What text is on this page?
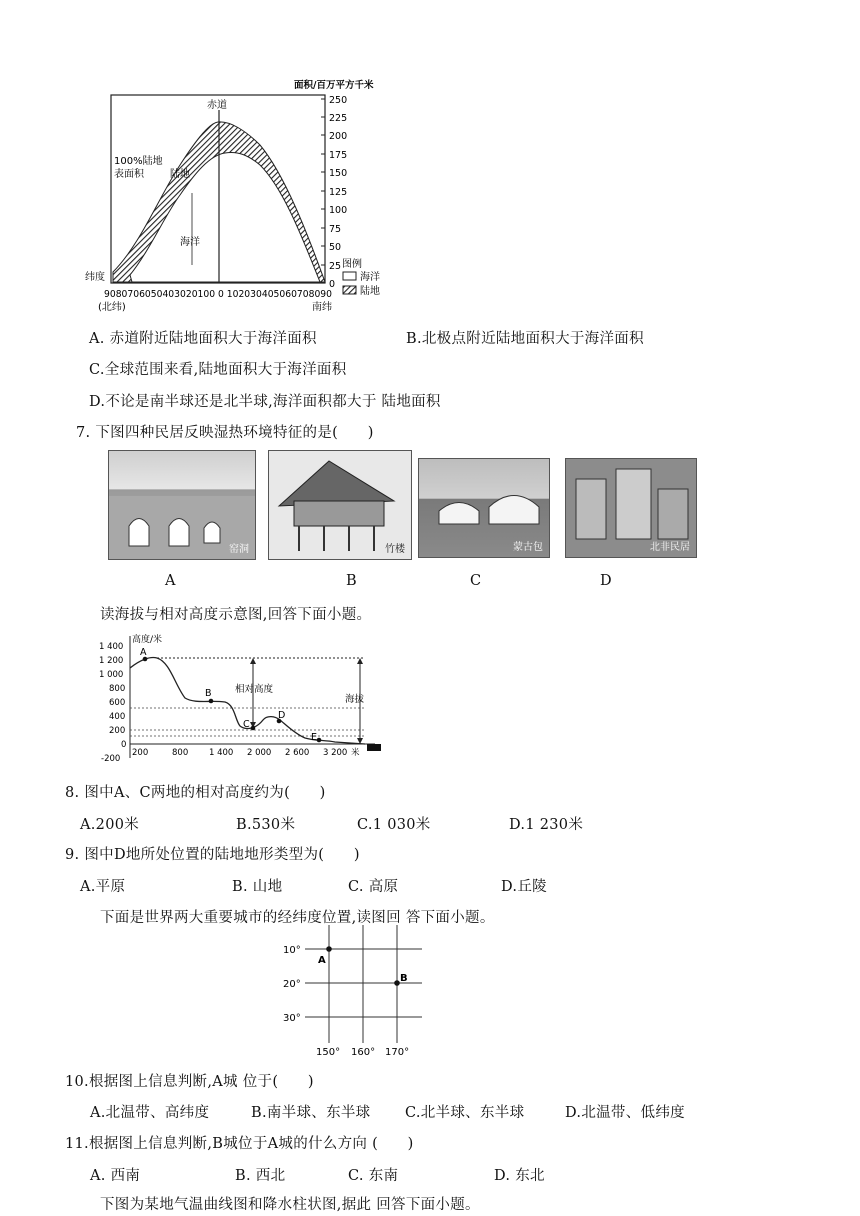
面积/百万平方千米
250
225
200
175
150
125
100
75
50
25
0
赤道
100%陆地
表面积	陆地
海洋
纬度
9080706050403020100 0 102030405060708090
(北纬)	南纬
图例
海洋
陆地
A. 赤道附近陆地面积大于海洋面积	B.北极点附近陆地面积大于海洋面积
C.全球范围来看,陆地面积大于海洋面积
D.不论是南半球还是北半球,海洋面积都大于 陆地面积
7. 下图四种民居反映湿热环境特征的是(　　)
窑洞	竹楼	蒙古包	北非民居
A	B	C	D
读海拔与相对高度示意图,回答下面小题。
1 400
1 200
1 000
800
600
400
200
0
-200
高度/米
相对高度
海拔
A
B
C
D
E
200	800 1 400 2 000 2 600 3 200 米
8. 图中A、C两地的相对高度约为(　　)
A.200米	B.530米	C.1 030米	D.1 230米
9. 图中D地所处位置的陆地地形类型为(　　)
A.平原	B. 山地	C. 高原	D.丘陵
下面是世界两大重要城市的经纬度位置,读图回 答下面小题。
10°
20°
30°
150° 160° 170°
A
B
10.根据图上信息判断,A城 位于(　　)
A.北温带、高纬度	B.南半球、东半球 C.北半球、东半球	D.北温带、低纬度
11.根据图上信息判断,B城位于A城的什么方向 (　　)
A. 西南	B. 西北	C. 东南	D. 东北
下图为某地气温曲线图和降水柱状图,据此 回答下面小题。
